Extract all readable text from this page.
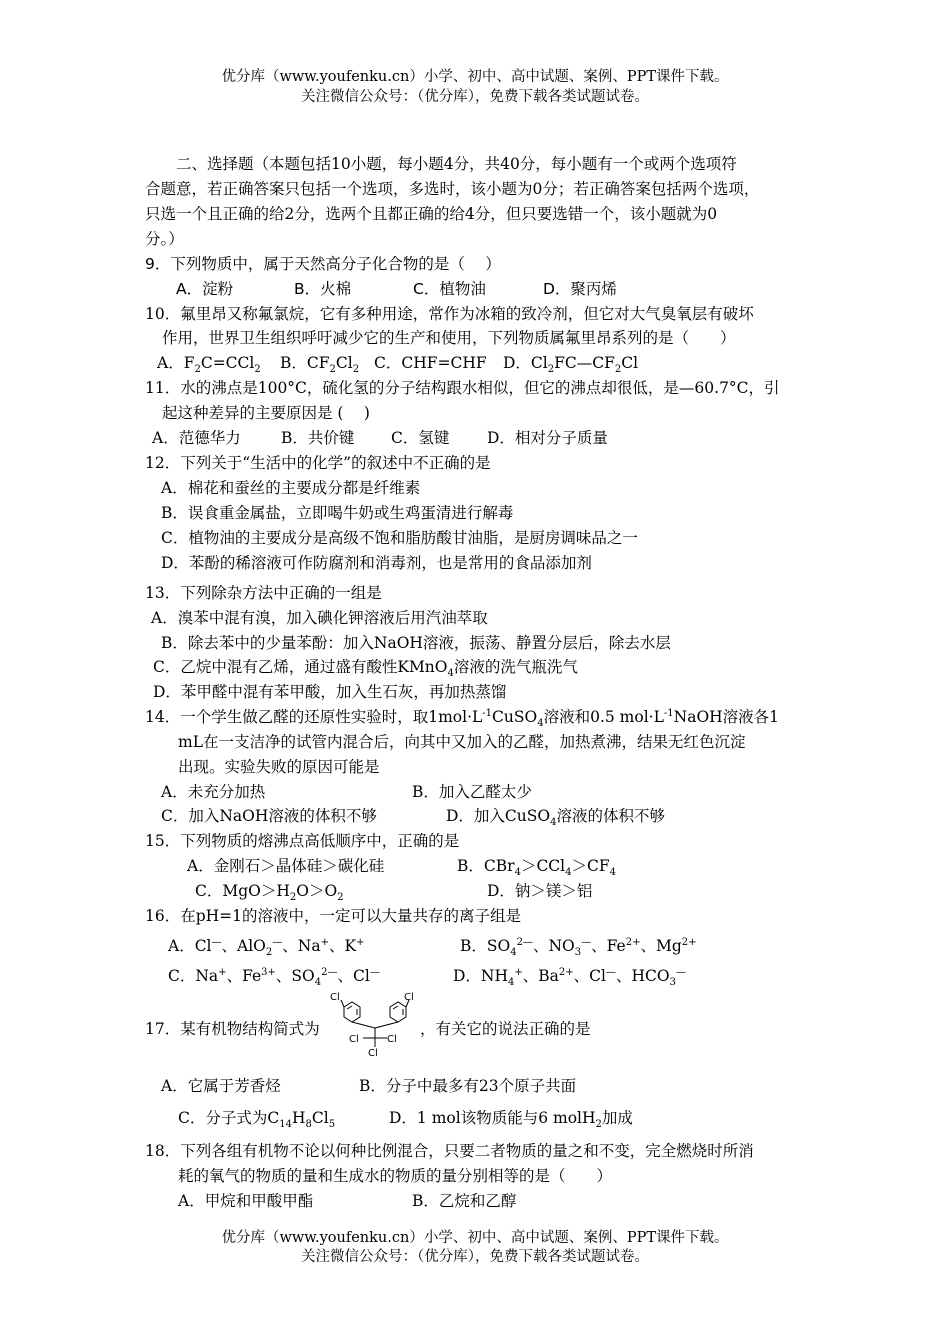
优分库（www.youfenku.cn）小学、初中、高中试题、案例、PPT课件下载。
关注微信公众号：（优分库），免费下载各类试题试卷。
二、选择题（本题包括10小题，每小题4分，共40分，每小题有一个或两个选项符
合题意，若正确答案只包括一个选项，多选时，该小题为0分；若正确答案包括两个选项，
只选一个且正确的给2分，选两个且都正确的给4分，但只要选错一个，该小题就为0
分。）
9．下列物质中，属于天然高分子化合物的是（　 ）
A．淀粉	B．火棉	C．植物油	D．聚丙烯
10．氟里昂又称氟氯烷，它有多种用途，常作为冰箱的致冷剂，但它对大气臭氧层有破坏
作用，世界卫生组织呼吁减少它的生产和使用，下列物质属氟里昂系列的是（　　）
A．$F_2C=CCl_2$ B．$CF_2Cl_2$ C．CHF=CHF D．$Cl_2FC—CF_2Cl$
11．水的沸点是100°C，硫化氢的分子结构跟水相似，但它的沸点却很低，是—60.7°C，引
起这种差异的主要原因是 (　 )
A．范德华力	B．共价键 C．氢键 D．相对分子质量
12．下列关于“生活中的化学”的叙述中不正确的是
A．棉花和蚕丝的主要成分都是纤维素
B．误食重金属盐，立即喝牛奶或生鸡蛋清进行解毒
C．植物油的主要成分是高级不饱和脂肪酸甘油脂，是厨房调味品之一
D．苯酚的稀溶液可作防腐剂和消毒剂，也是常用的食品添加剂
13．下列除杂方法中正确的一组是
A．溴苯中混有溴，加入碘化钾溶液后用汽油萃取
B．除去苯中的少量苯酚：加入NaOH溶液，振荡、静置分层后，除去水层
C．乙烷中混有乙烯，通过盛有酸性KMnO$_4$溶液的洗气瓶洗气
D．苯甲醛中混有苯甲酸，加入生石灰，再加热蒸馏
14．一个学生做乙醛的还原性实验时，取$1mol\cdot L^{-1}CuSO_4$溶液和0.5 $mol\cdot L^{-1}NaOH$溶液各1
mL在一支洁净的试管内混合后，向其中又加入的乙醛，加热煮沸，结果无红色沉淀
出现。实验失败的原因可能是
A．未充分加热	B．加入乙醛太少
C．加入NaOH溶液的体积不够	D．加入CuSO$_4$溶液的体积不够
15．下列物质的熔沸点高低顺序中，正确的是
A．金刚石＞晶体硅＞碳化硅	B．$CBr_4>CCl_4>CF_4$
C．$MgO>H_2O>O_2$	D．钠＞镁＞铝
16．在pH=1的溶液中，一定可以大量共存的离子组是
A．Cl—、AlO$_2$—、Na+、K+	B．$SO_4^{2—}$、$NO_3^—$、$Fe^{2+}$、$Mg^{2+}$
C．Na+、$Fe^{3+}$、$SO_4^{2—}$、Cl—	D．$NH_4^+$、$Ba^{2+}$、Cl—、$HCO_3^—$
17．某有机物结构简式为	，有关它的说法正确的是
Cl	Cl
Cl	Cl
Cl
A．它属于芳香烃	B．分子中最多有23个原子共面
C．分子式为$C_{14}H_8Cl_5$	D．1 mol该物质能与6 molH$_2$加成
18．下列各组有机物不论以何种比例混合，只要二者物质的量之和不变，完全燃烧时所消
耗的氧气的物质的量和生成水的物质的量分别相等的是（　　）
A．甲烷和甲酸甲酯	B．乙烷和乙醇
优分库（www.youfenku.cn）小学、初中、高中试题、案例、PPT课件下载。
关注微信公众号：（优分库），免费下载各类试题试卷。
